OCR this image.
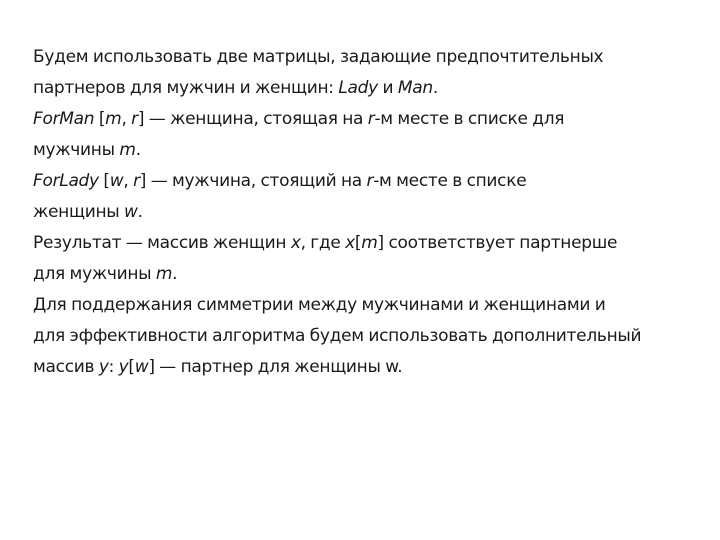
Будем использовать две матрицы, задающие предпочтительных
партнеров для мужчин и женщин: Lady и Man.
ForMan [m, r] — женщина, стоящая на r-м месте в списке для
мужчины m.
ForLady [w, r] — мужчина, стоящий на r-м месте в списке
женщины w.
Результат — массив женщин x, где x[m] соответствует партнерше
для мужчины m.
Для поддержания симметрии между мужчинами и женщинами и
для эффективности алгоритма будем использовать дополнительный
массив y: y[w] — партнер для женщины w.
